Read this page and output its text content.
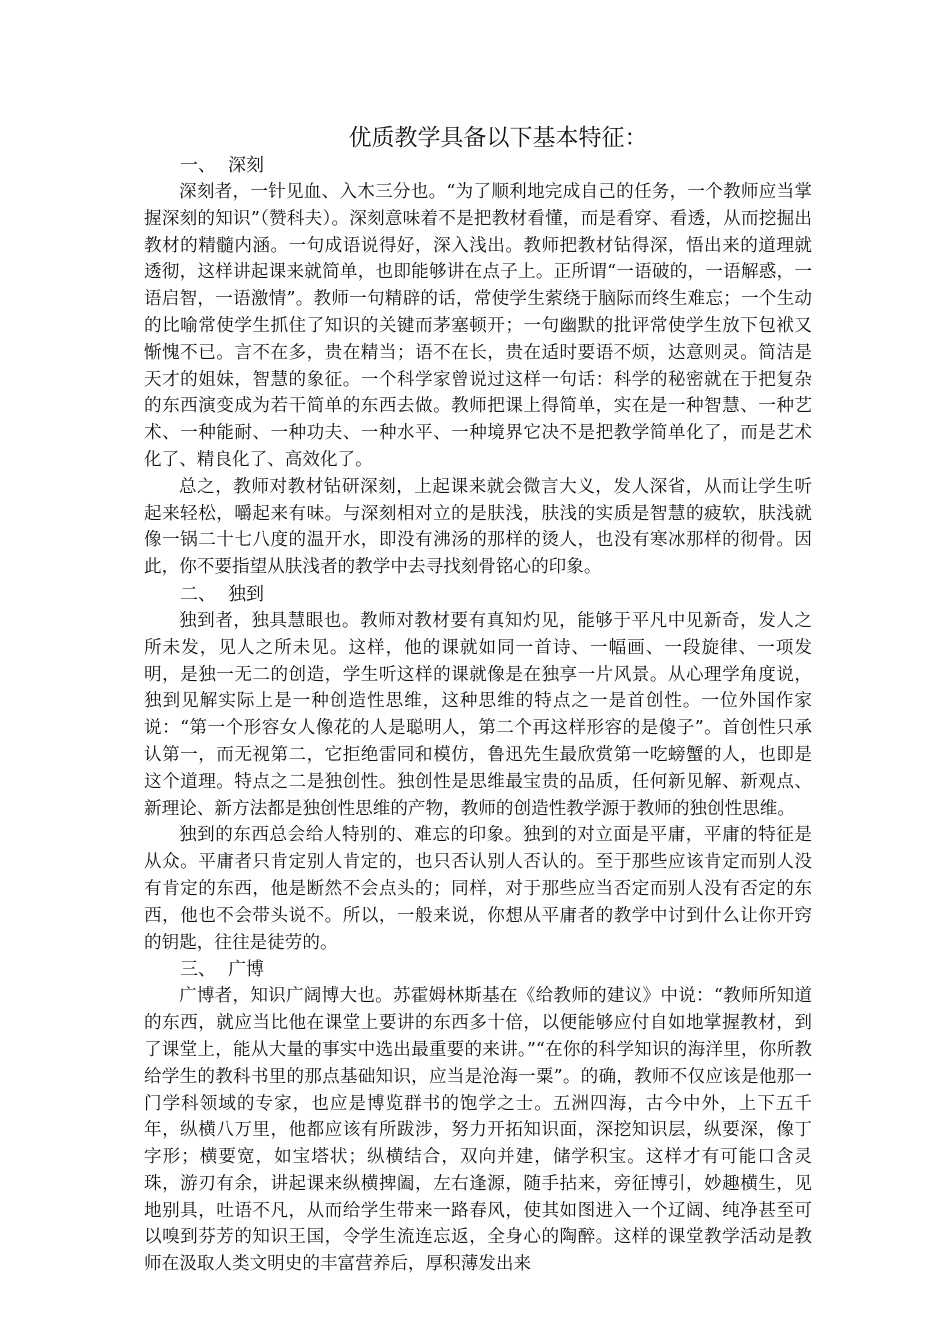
优质教学具备以下基本特征：

一、 深刻

深刻者，一针见血、入木三分也。“为了顺利地完成自己的任务，一个教师应当掌握深刻的知识”（赞科夫）。深刻意味着不是把教材看懂，而是看穿、看透，从而挖掘出教材的精髓内涵。一句成语说得好，深入浅出。教师把教材钻得深，悟出来的道理就透彻，这样讲起课来就简单，也即能够讲在点子上。正所谓“一语破的，一语解惑，一语启智，一语激情”。教师一句精辟的话，常使学生萦绕于脑际而终生难忘；一个生动的比喻常使学生抓住了知识的关键而茅塞顿开；一句幽默的批评常使学生放下包袱又惭愧不已。言不在多，贵在精当；语不在长，贵在适时要语不烦，达意则灵。简洁是天才的姐妹，智慧的象征。一个科学家曾说过这样一句话：科学的秘密就在于把复杂的东西演变成为若干简单的东西去做。教师把课上得简单，实在是一种智慧、一种艺术、一种能耐、一种功夫、一种水平、一种境界它决不是把教学简单化了，而是艺术化了、精良化了、高效化了。

总之，教师对教材钻研深刻，上起课来就会微言大义，发人深省，从而让学生听起来轻松，嚼起来有味。与深刻相对立的是肤浅，肤浅的实质是智慧的疲软，肤浅就像一锅二十七八度的温开水，即没有沸汤的那样的烫人，也没有寒冰那样的彻骨。因此，你不要指望从肤浅者的教学中去寻找刻骨铭心的印象。

二、 独到

独到者，独具慧眼也。教师对教材要有真知灼见，能够于平凡中见新奇，发人之所未发，见人之所未见。这样，他的课就如同一首诗、一幅画、一段旋律、一项发明，是独一无二的创造，学生听这样的课就像是在独享一片风景。从心理学角度说，独到见解实际上是一种创造性思维，这种思维的特点之一是首创性。一位外国作家说：“第一个形容女人像花的人是聪明人，第二个再这样形容的是傻子”。首创性只承认第一，而无视第二，它拒绝雷同和模仿，鲁迅先生最欣赏第一吃螃蟹的人，也即是这个道理。特点之二是独创性。独创性是思维最宝贵的品质，任何新见解、新观点、新理论、新方法都是独创性思维的产物，教师的创造性教学源于教师的独创性思维。

独到的东西总会给人特别的、难忘的印象。独到的对立面是平庸，平庸的特征是从众。平庸者只肯定别人肯定的，也只否认别人否认的。至于那些应该肯定而别人没有肯定的东西，他是断然不会点头的；同样，对于那些应当否定而别人没有否定的东西，他也不会带头说不。所以，一般来说，你想从平庸者的教学中讨到什么让你开窍的钥匙，往往是徒劳的。

三、 广博

广博者，知识广阔博大也。苏霍姆林斯基在《给教师的建议》中说：“教师所知道的东西，就应当比他在课堂上要讲的东西多十倍，以便能够应付自如地掌握教材，到了课堂上，能从大量的事实中选出最重要的来讲。”“在你的科学知识的海洋里，你所教给学生的教科书里的那点基础知识，应当是沧海一粟”。的确，教师不仅应该是他那一门学科领域的专家，也应是博览群书的饱学之士。五洲四海，古今中外，上下五千年，纵横八万里，他都应该有所跋涉，努力开拓知识面，深挖知识层，纵要深，像丁字形；横要宽，如宝塔状；纵横结合，双向并建，储学积宝。这样才有可能口含灵珠，游刃有余，讲起课来纵横捭阖，左右逢源，随手拈来，旁征博引，妙趣横生，见地别具，吐语不凡，从而给学生带来一路春风，使其如图进入一个辽阔、纯净甚至可以嗅到芬芳的知识王国，令学生流连忘返，全身心的陶醉。这样的课堂教学活动是教师在汲取人类文明史的丰富营养后，厚积薄发出来
